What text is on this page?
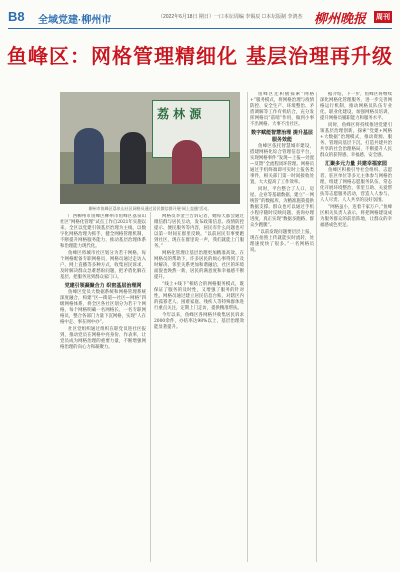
B8 全域党建·柳州市	（2022年6月18日 期日）一口本坛周编 李锡辰 ☐本坛版制 李鸿杰 柳州晚报 周刊
鱼峰区：网格管理精细化 基层治理再升级
荔 林 源
柳州市鱼峰区荔泉山社区网格员通过居民微信群开展“网上直播”活动。

广西柳州市鱼峰区柳州市鱼峰区荔泉山社区“网格化管理”试点工作自2021年实施以来，全区以党建引领基层治理为主线，以数字化网格治理为抓手，健全网格管理机制，不断提升网格服务能力，推动基层治理体系和治理能力现代化。

鱼峰区将城市社区划分为若干网格，每个网格配备专职网格员，网格员通过走访入户、网上直播等多种方式，收集居民诉求，及时解决群众急难愁盼问题，把矛盾化解在基层、把服务送到群众家门口。

党建引领凝聚合力 织密基层治理网

鱼峰区党员大数据系统和网格管理系统深度融合，构建“区—街道—社区—网格”四级网格体系，将全区各社区划分为若干个网格，每个网格明确一名网格长、一名专职网格员，整合各部门力量下沉网格，实现“人在格中走、事在网中办”。

社区党组织通过组织在职党员进社区报到，推动党员在网格中亮身份、作表率，让党员成为网格治理的重要力量，不断增强网格治理的向心力和凝聚力。

网格员李金兰告诉记者，她每天都会通过微信群与居民互动，发布政策信息、疫情防控提示、便民服务等内容，居民有什么问题也可以第一时间在群里反映。“以前居民有事要跑到社区，现在在群里说一声，我们就能上门服务。”

网格化管理让基层治理更加精准高效。在网格员的帮助下，许多居民的烦心事得到了及时解决，邻里关系更加和谐融洽，社区的环境面貌也焕然一新，居民的满意度和幸福感不断提升。

“线上+线下”相结合的网格服务模式，既保证了服务的及时性，又增强了服务的针对性。网格员通过建立居民信息台账，对辖区内的孤寡老人、困难家庭、残疾人等特殊群体进行重点关注，定期上门走访，提供精准帮扶。

今年以来，鱼峰区各网格共收集居民诉求2000余件，办结率达98%以上，基层治理效能显著提升。

鱼峰区还积极探索“网格+”服务模式，将网格治理与疫情防控、安全生产、环境整治、矛盾调解等工作有机结合，充分发挥网格员“前哨”作用，做到小事不出网格、大事不出社区。

数字赋能智慧治理 提升基层服务效能

鱼峰区依托智慧城市建设，搭建网格化综合管理信息平台，实现网格事件“发现—上报—处置—反馈”全流程闭环管理。网格员通过手机终端即可实时上报各类事件，相关部门第一时间接收处置，大大提高了工作效率。

同时，平台整合了人口、房屋、企业等基础数据，建立“一网统管”的数据库，为精准施策提供数据支撑。群众也可以通过手机小程序随时反映问题、查询办理进度，真正实现“数据多跑路、群众少跑腿”。

“以前发现问题要层层上报，现在拍照上传就能实时流转，处理速度快了很多。”一名网格员说。

据介绍，下一步，鱼峰区将继续深化网格化管理服务，进一步完善网格运行机制，推动网格员队伍专业化、职业化建设，加强网格员培训，提升网格员履职能力和服务水平。

同时，鱼峰区将持续推进党建引领基层治理创新，探索“党建+网格+大数据”治理模式，推动资源、服务、管理向基层下沉，打造共建共治共享的社会治理格局，不断提升人民群众的获得感、幸福感、安全感。

汇聚多元力量 共建幸福家园

鱼峰区积极引导社会组织、志愿者、驻区单位等多元主体参与网格治理，组建了网格志愿服务队伍，常态化开展环境整治、邻里互助、关爱帮扶等志愿服务活动，营造人人参与、人人尽责、人人共享的良好氛围。

“网格虽小，连着千家万户。”鱼峰区相关负责人表示，将把网格建设成为服务群众的前沿阵地，让群众的幸福感成色更足。
